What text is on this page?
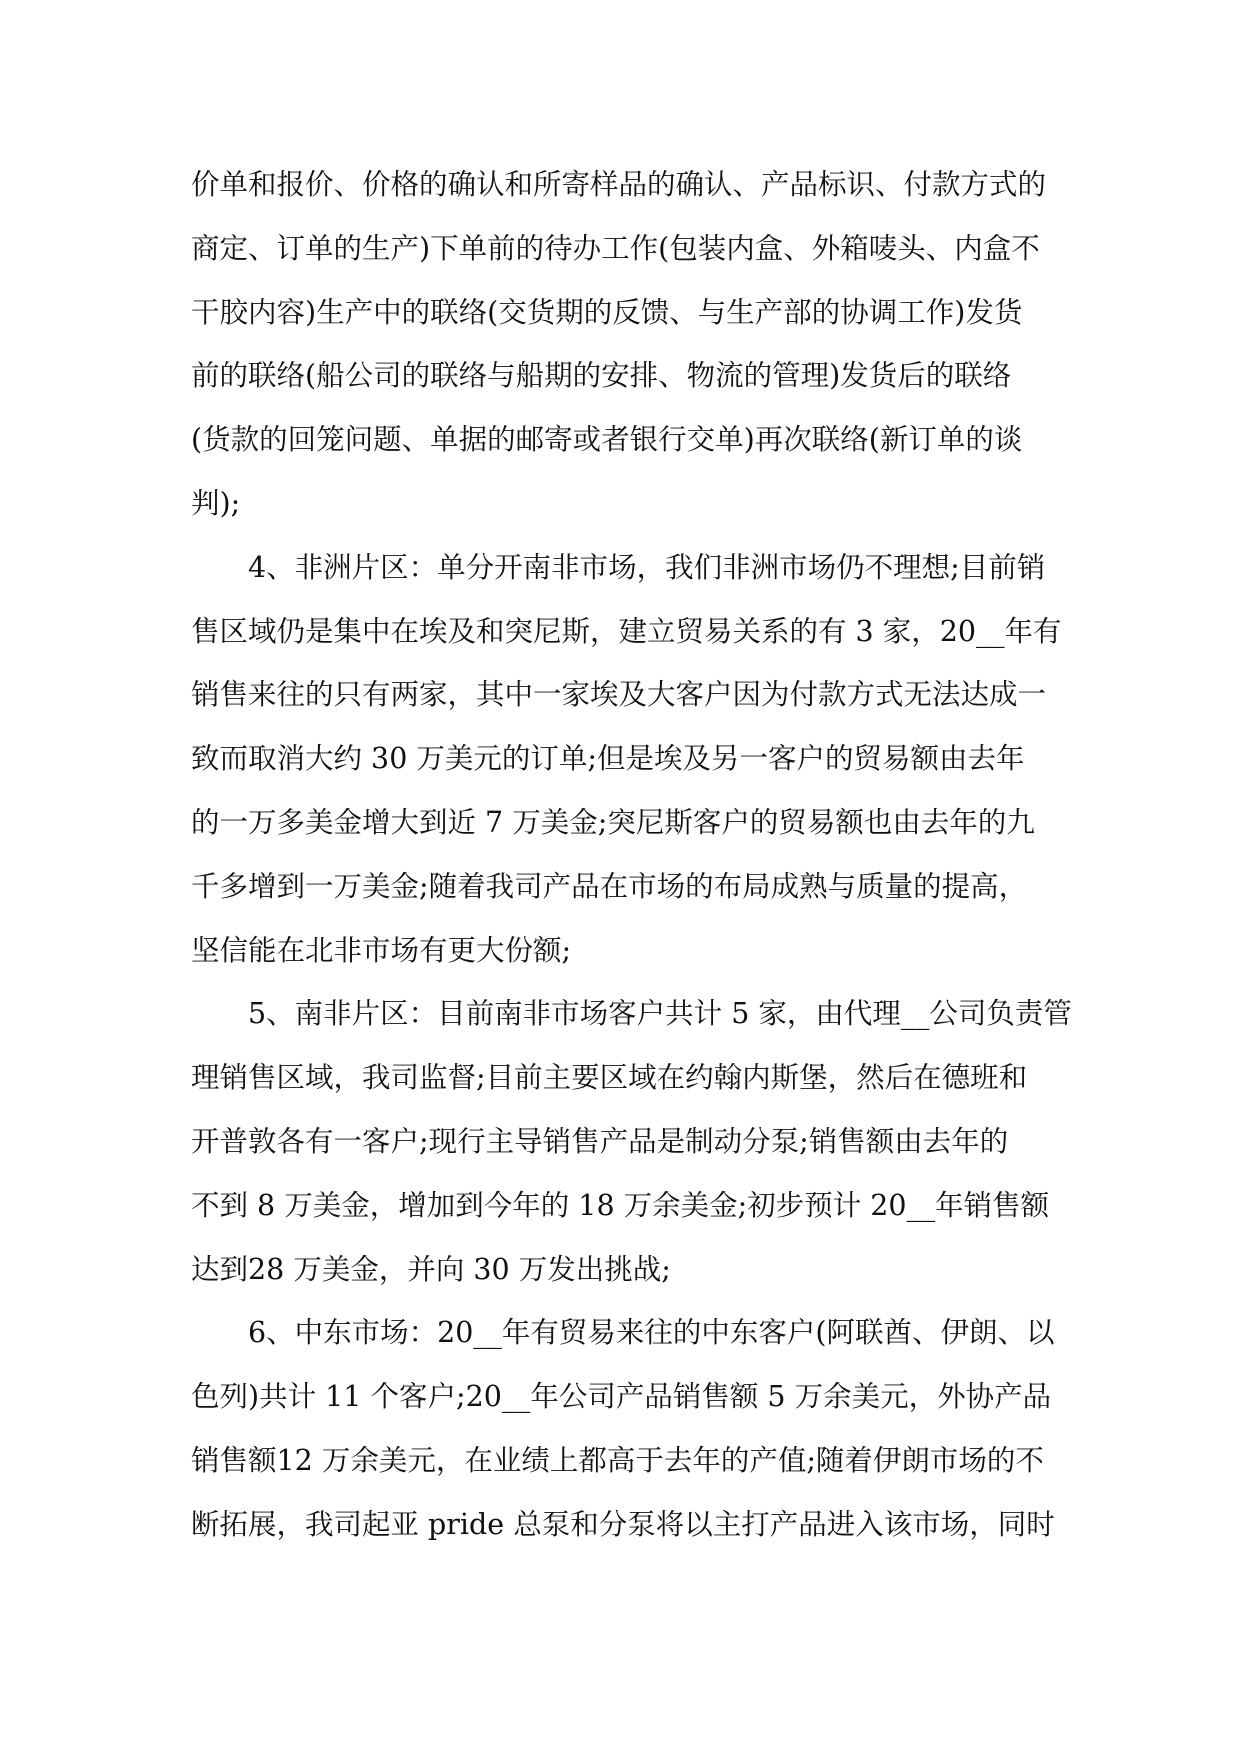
价单和报价、价格的确认和所寄样品的确认、产品标识、付款方式的
商定、订单的生产)下单前的待办工作(包装内盒、外箱唛头、内盒不
干胶内容)生产中的联络(交货期的反馈、与生产部的协调工作)发货
前的联络(船公司的联络与船期的安排、物流的管理)发货后的联络
(货款的回笼问题、单据的邮寄或者银行交单)再次联络(新订单的谈
判);
　　4、非洲片区：单分开南非市场，我们非洲市场仍不理想;目前销
售区域仍是集中在埃及和突尼斯，建立贸易关系的有 3 家，20__年有
销售来往的只有两家，其中一家埃及大客户因为付款方式无法达成一
致而取消大约 30 万美元的订单;但是埃及另一客户的贸易额由去年
的一万多美金增大到近 7 万美金;突尼斯客户的贸易额也由去年的九
千多增到一万美金;随着我司产品在市场的布局成熟与质量的提高，
坚信能在北非市场有更大份额;
　　5、南非片区：目前南非市场客户共计 5 家，由代理__公司负责管
理销售区域，我司监督;目前主要区域在约翰内斯堡，然后在德班和
开普敦各有一客户;现行主导销售产品是制动分泵;销售额由去年的
不到 8 万美金，增加到今年的 18 万余美金;初步预计 20__年销售额
达到28 万美金，并向 30 万发出挑战;
　　6、中东市场：20__年有贸易来往的中东客户(阿联酋、伊朗、以
色列)共计 11 个客户;20__年公司产品销售额 5 万余美元，外协产品
销售额12 万余美元，在业绩上都高于去年的产值;随着伊朗市场的不
断拓展，我司起亚 pride 总泵和分泵将以主打产品进入该市场，同时
